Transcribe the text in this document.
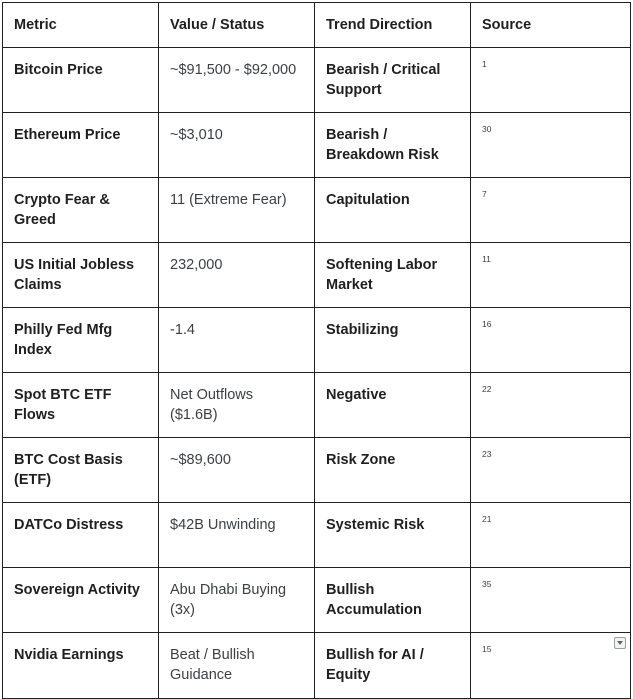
Metric	Value / Status	Trend Direction	Source
Bitcoin Price	~$91,500 - $92,000	Bearish / Critical Support	1
Ethereum Price	~$3,010	Bearish / Breakdown Risk	30
Crypto Fear & Greed	11 (Extreme Fear)	Capitulation	7
US Initial Jobless Claims	232,000	Softening Labor Market	11
Philly Fed Mfg Index	-1.4	Stabilizing	16
Spot BTC ETF Flows	Net Outflows ($1.6B)	Negative	22
BTC Cost Basis (ETF)	~$89,600	Risk Zone	23
DATCo Distress	$42B Unwinding	Systemic Risk	21
Sovereign Activity	Abu Dhabi Buying (3x)	Bullish Accumulation	35
Nvidia Earnings	Beat / Bullish Guidance	Bullish for AI / Equity	15
